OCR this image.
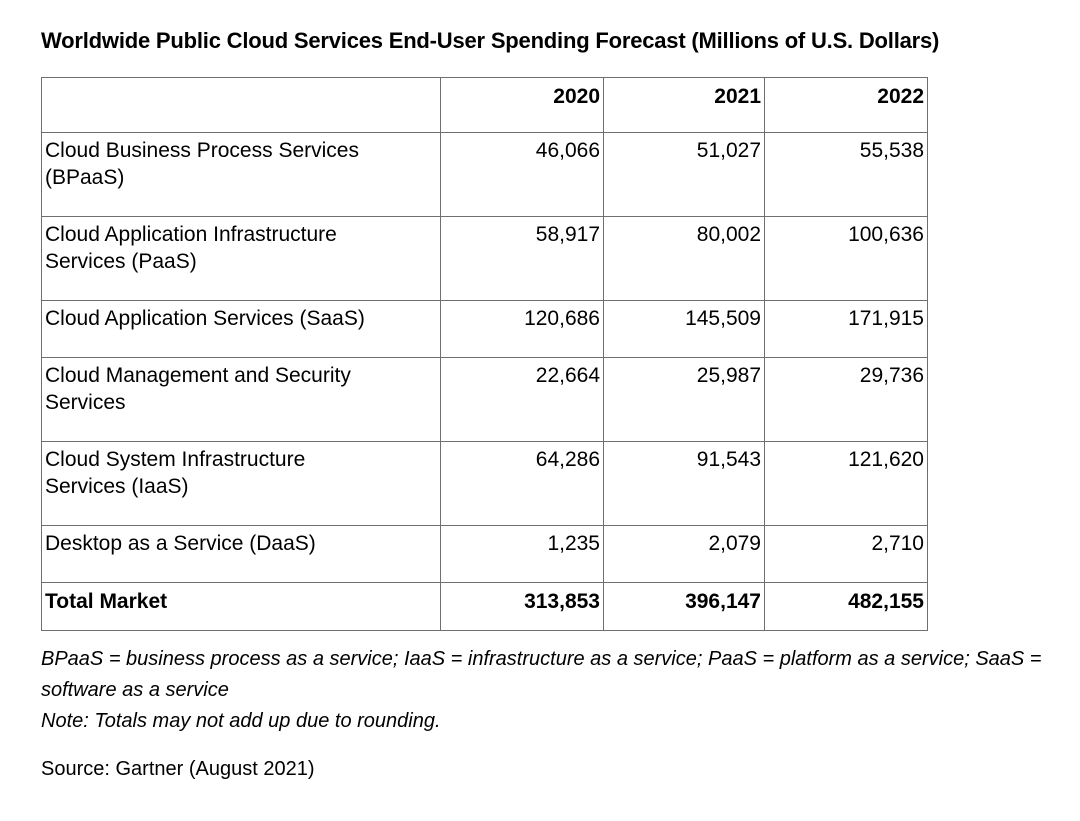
Worldwide Public Cloud Services End-User Spending Forecast (Millions of U.S. Dollars)
	2020	2021	2022
Cloud Business Process Services (BPaaS)	46,066	51,027	55,538
Cloud Application Infrastructure Services (PaaS)	58,917	80,002	100,636
Cloud Application Services (SaaS)	120,686	145,509	171,915
Cloud Management and Security Services	22,664	25,987	29,736
Cloud System Infrastructure Services (IaaS)	64,286	91,543	121,620
Desktop as a Service (DaaS)	1,235	2,079	2,710
Total Market	313,853	396,147	482,155

BPaaS = business process as a service; IaaS = infrastructure as a service; PaaS = platform as a service; SaaS = software as a service

Note: Totals may not add up due to rounding.

Source: Gartner (August 2021)
